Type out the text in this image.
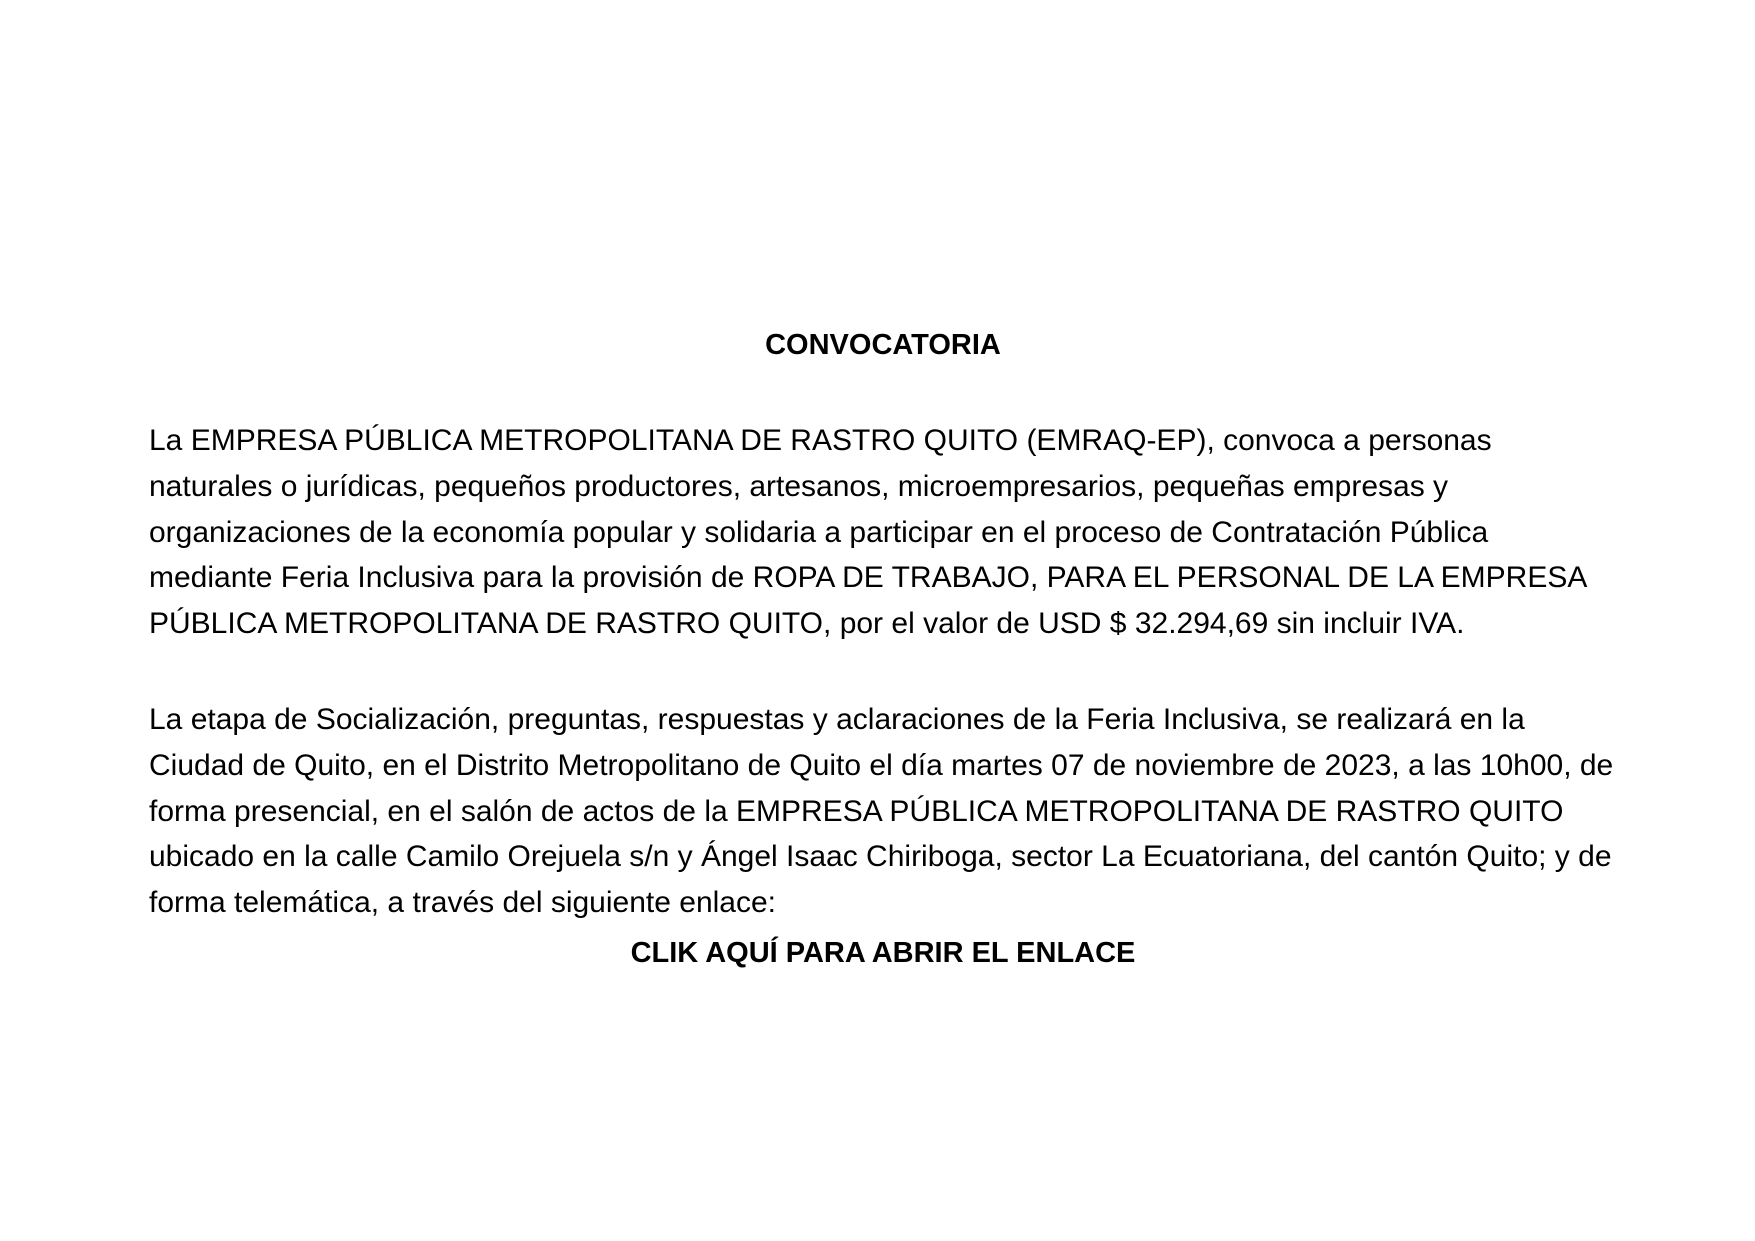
CONVOCATORIA

La EMPRESA PÚBLICA METROPOLITANA DE RASTRO QUITO (EMRAQ-EP), convoca a personas naturales o jurídicas, pequeños productores, artesanos, microempresarios, pequeñas empresas y organizaciones de la economía popular y solidaria a participar en el proceso de Contratación Pública mediante Feria Inclusiva para la provisión de ROPA DE TRABAJO, PARA EL PERSONAL DE LA EMPRESA PÚBLICA METROPOLITANA DE RASTRO QUITO, por el valor de USD $ 32.294,69 sin incluir IVA.

La etapa de Socialización, preguntas, respuestas y aclaraciones de la Feria Inclusiva, se realizará en la Ciudad de Quito, en el Distrito Metropolitano de Quito el día martes 07 de noviembre de 2023, a las 10h00, de forma presencial, en el salón de actos de la EMPRESA PÚBLICA METROPOLITANA DE RASTRO QUITO ubicado en la calle Camilo Orejuela s/n y Ángel Isaac Chiriboga, sector La Ecuatoriana, del cantón Quito; y de forma telemática, a través del siguiente enlace:

CLIK AQUÍ PARA ABRIR EL ENLACE
